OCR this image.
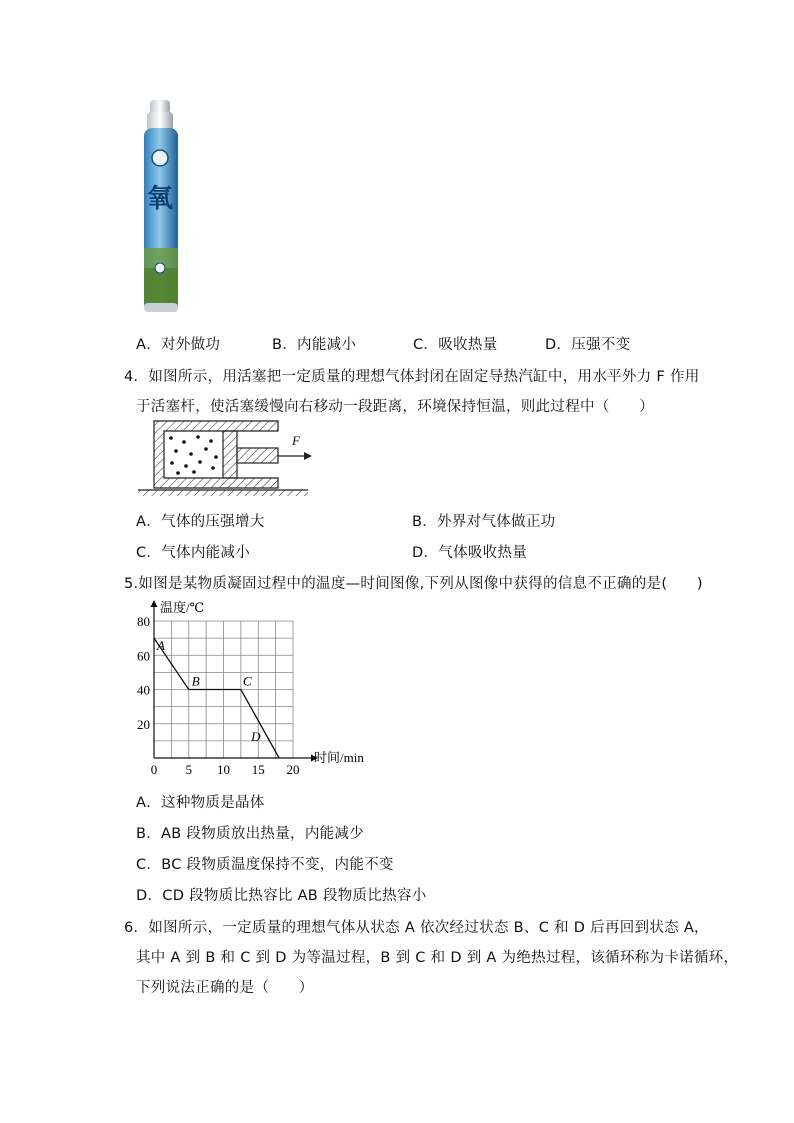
氧
A．对外做功	B．内能减小	C．吸收热量	D．压强不变
4．如图所示，用活塞把一定质量的理想气体封闭在固定导热汽缸中，用水平外力 F 作用
于活塞杆，使活塞缓慢向右移动一段距离，环境保持恒温，则此过程中（　　）
F
A．气体的压强增大	B．外界对气体做正功
C．气体内能减小	D．气体吸收热量
5.如图是某物质凝固过程中的温度—时间图像,下列从图像中获得的信息不正确的是(　　)
0 5 10 15 20
20
40
60
80
A
B	C
D
温度/℃
时间/min
A．这种物质是晶体
B．AB 段物质放出热量，内能减少
C．BC 段物质温度保持不变，内能不变
D．CD 段物质比热容比 AB 段物质比热容小
6．如图所示，一定质量的理想气体从状态 A 依次经过状态 B、C 和 D 后再回到状态 A，
其中 A 到 B 和 C 到 D 为等温过程，B 到 C 和 D 到 A 为绝热过程，该循环称为卡诺循环，
下列说法正确的是（　　）
